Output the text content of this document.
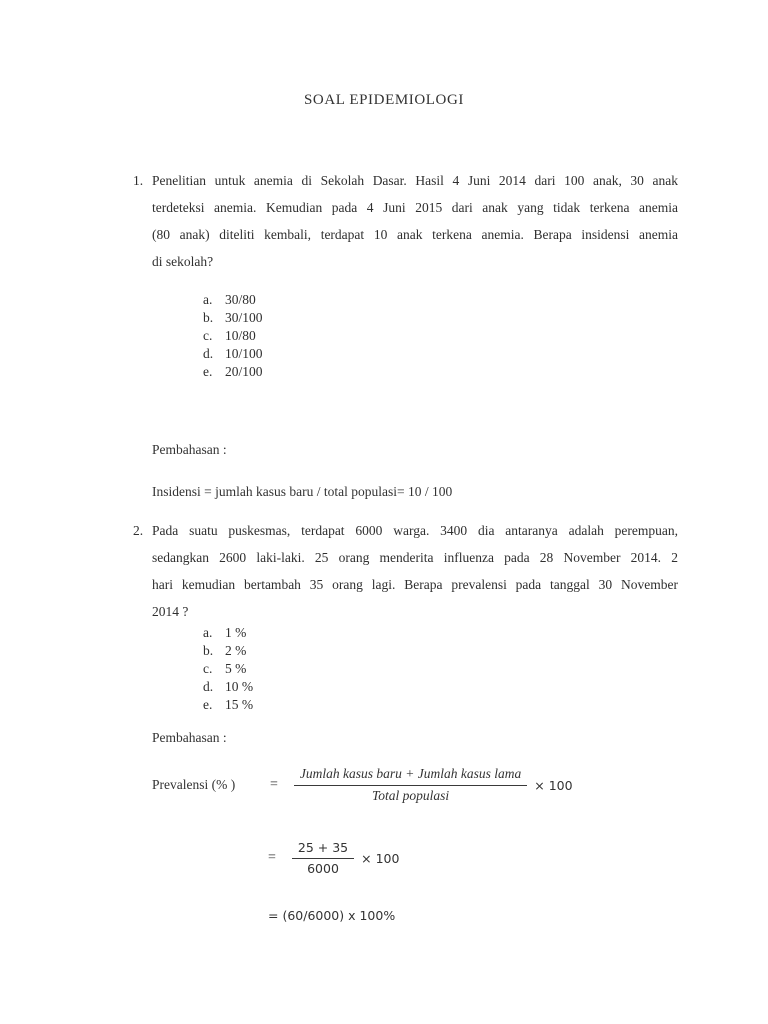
SOAL EPIDEMIOLOGI
1. Penelitian untuk anemia di Sekolah Dasar. Hasil 4 Juni 2014 dari 100 anak, 30 anak
terdeteksi anemia. Kemudian pada 4 Juni 2015 dari anak yang tidak terkena anemia
(80 anak) diteliti kembali, terdapat 10 anak terkena anemia. Berapa insidensi anemia
di sekolah?
a. 30/80
b. 30/100
c. 10/80
d. 10/100
e. 20/100
Pembahasan :
Insidensi = jumlah kasus baru / total populasi= 10 / 100
2. Pada suatu puskesmas, terdapat 6000 warga. 3400 dia antaranya adalah perempuan,
sedangkan 2600 laki-laki. 25 orang menderita influenza pada 28 November 2014. 2
hari kemudian bertambah 35 orang lagi. Berapa prevalensi pada tanggal 30 November
2014 ?
a. 1 %
b. 2 %
c. 5 %
d. 10 %
e. 15 %
Pembahasan :
Prevalensi (% )	= $\frac{\text{Jumlah kasus baru + Jumlah kasus lama}}{\text{Total populasi}} \times 100$
= $\frac{25 + 35}{6000} \times 100$
= (60/6000) x 100%
